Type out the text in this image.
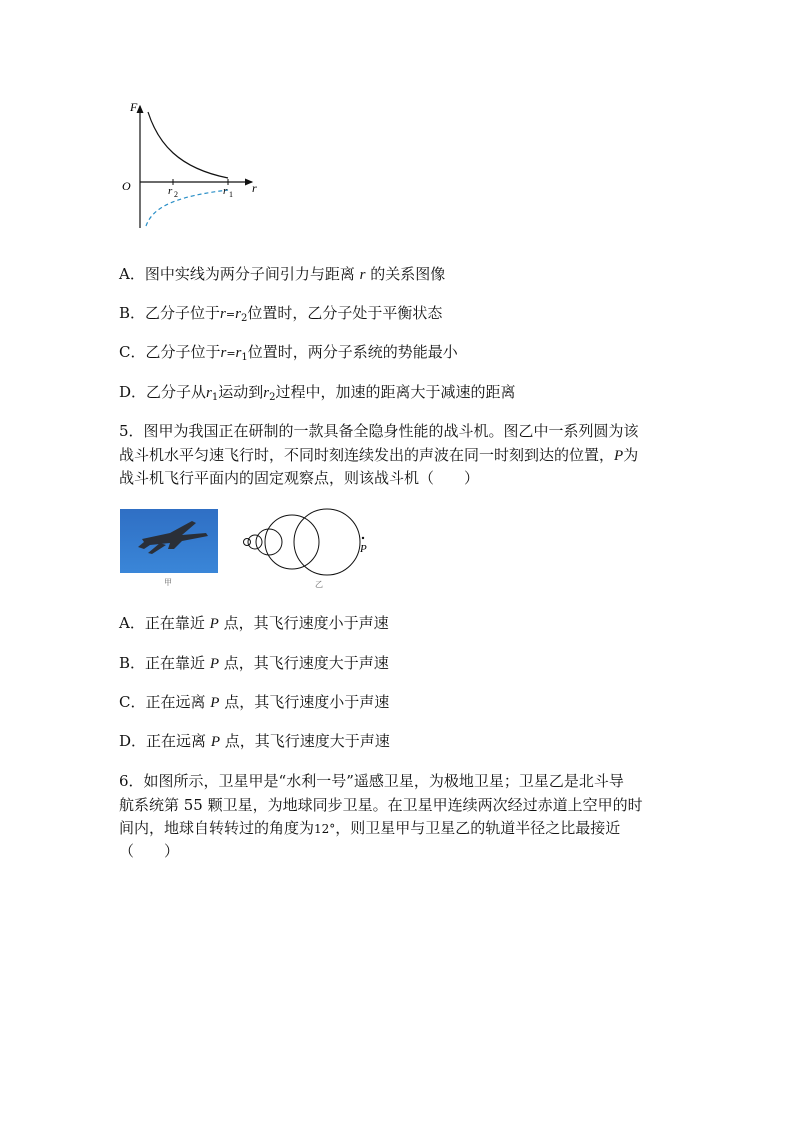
F
O	r
r 2	r 1
A．图中实线为两分子间引力与距离 r 的关系图像
B．乙分子位于$r=r_2$位置时，乙分子处于平衡状态
C．乙分子位于$r=r_1$位置时，两分子系统的势能最小
D．乙分子从$r_1$运动到$r_2$过程中，加速的距离大于减速的距离
5．图甲为我国正在研制的一款具备全隐身性能的战斗机。图乙中一系列圆为该
战斗机水平匀速飞行时，不同时刻连续发出的声波在同一时刻到达的位置，P为
战斗机飞行平面内的固定观察点，则该战斗机（　　）
甲
P
乙
A．正在靠近 P 点，其飞行速度小于声速
B．正在靠近 P 点，其飞行速度大于声速
C．正在远离 P 点，其飞行速度小于声速
D．正在远离 P 点，其飞行速度大于声速
6．如图所示，卫星甲是“水利一号”遥感卫星，为极地卫星；卫星乙是北斗导
航系统第 55 颗卫星，为地球同步卫星。在卫星甲连续两次经过赤道上空甲的时
间内，地球自转转过的角度为12°，则卫星甲与卫星乙的轨道半径之比最接近
（　　）
